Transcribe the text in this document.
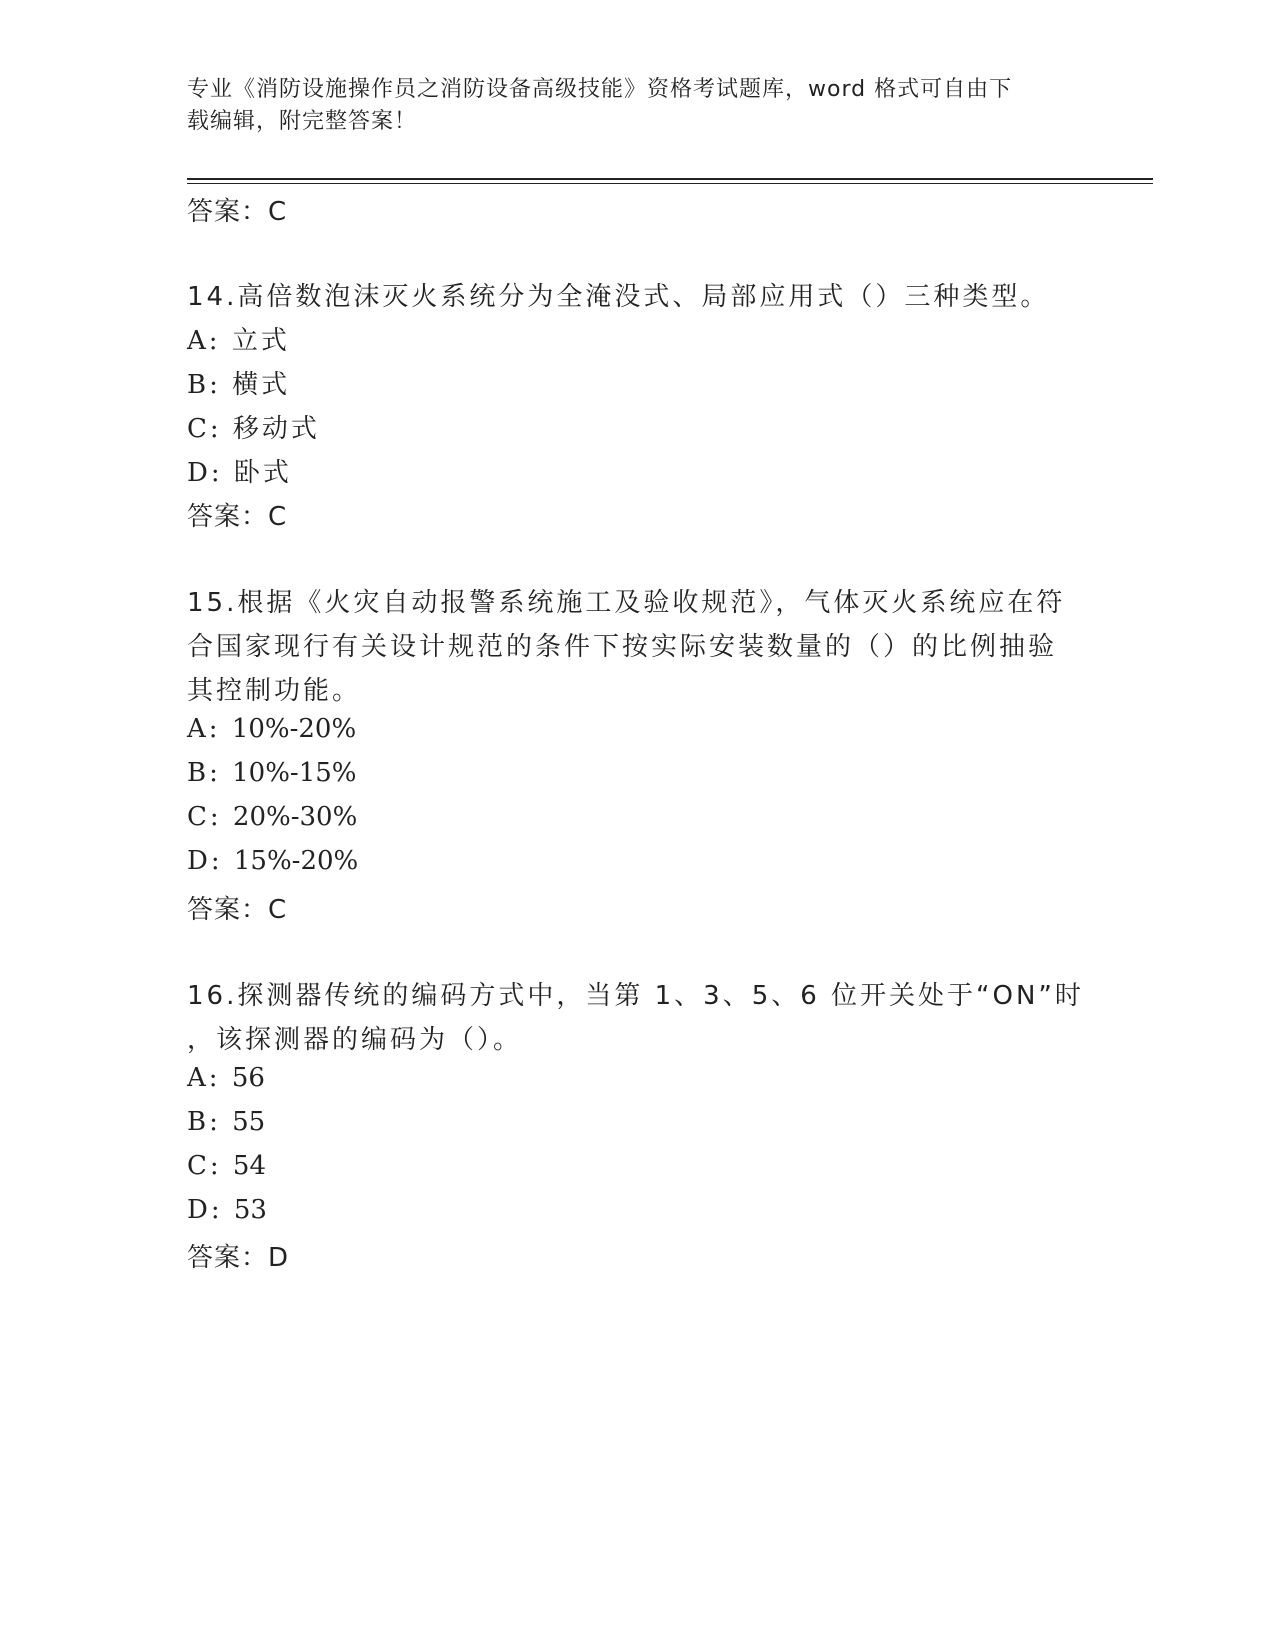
专业《消防设施操作员之消防设备高级技能》资格考试题库，word 格式可自由下
载编辑，附完整答案！
答案：C
14.高倍数泡沫灭火系统分为全淹没式、局部应用式（）三种类型。
A: 立式
B: 横式
C: 移动式
D: 卧式
答案：C
15.根据《火灾自动报警系统施工及验收规范》，气体灭火系统应在符
合国家现行有关设计规范的条件下按实际安装数量的（）的比例抽验
其控制功能。
A: 10%-20%
B: 10%-15%
C: 20%-30%
D: 15%-20%
答案：C
16.探测器传统的编码方式中，当第 1、3、5、6 位开关处于“ON”时
，该探测器的编码为（）。
A: 56
B: 55
C: 54
D: 53
答案：D
